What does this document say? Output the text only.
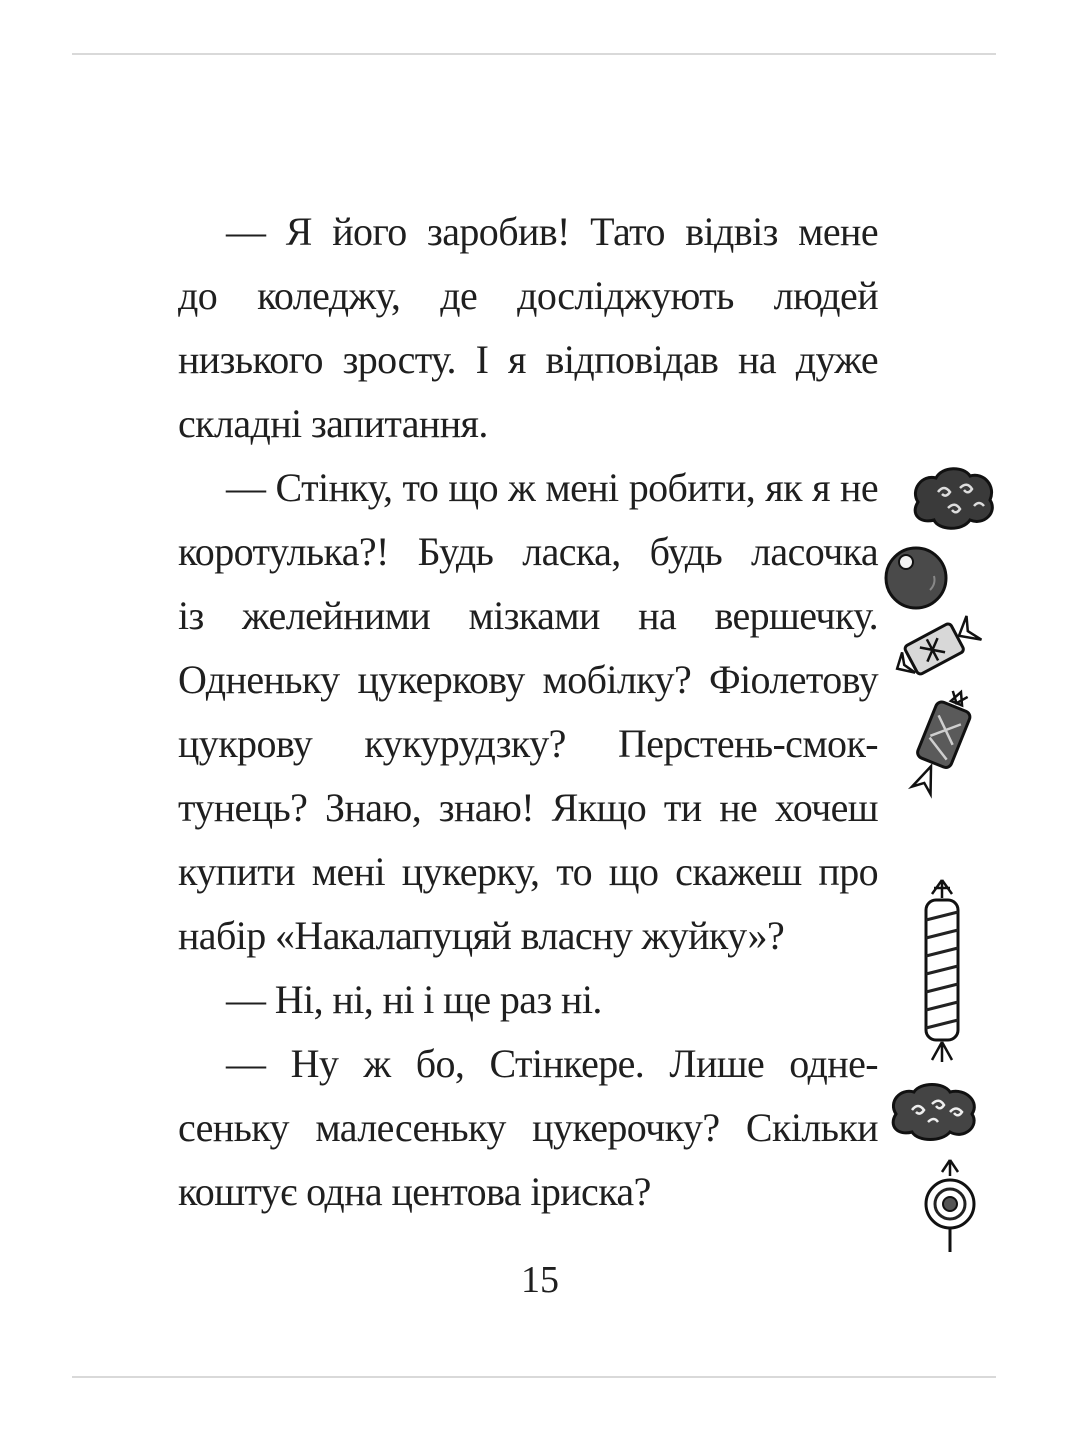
— Я його заробив! Тато відвіз мене
до коледжу, де досліджують людей
низького зросту. І я відповідав на дуже
складні запитання.
— Стінку, то що ж мені робити, як я не
коротулька?! Будь ласка, будь ласочка
із желейними мізками на вершечку.
Одненьку цукеркову мобілку? Фіолетову
цукрову кукурудзку? Перстень-смок-
тунець? Знаю, знаю! Якщо ти не хочеш
купити мені цукерку, то що скажеш про
набір «Накалапуцяй власну жуйку»?
— Ні, ні, ні і ще раз ні.
— Ну ж бо, Стінкере. Лише одне-
сеньку малесеньку цукерочку? Скільки
коштує одна центова іриска?
15
